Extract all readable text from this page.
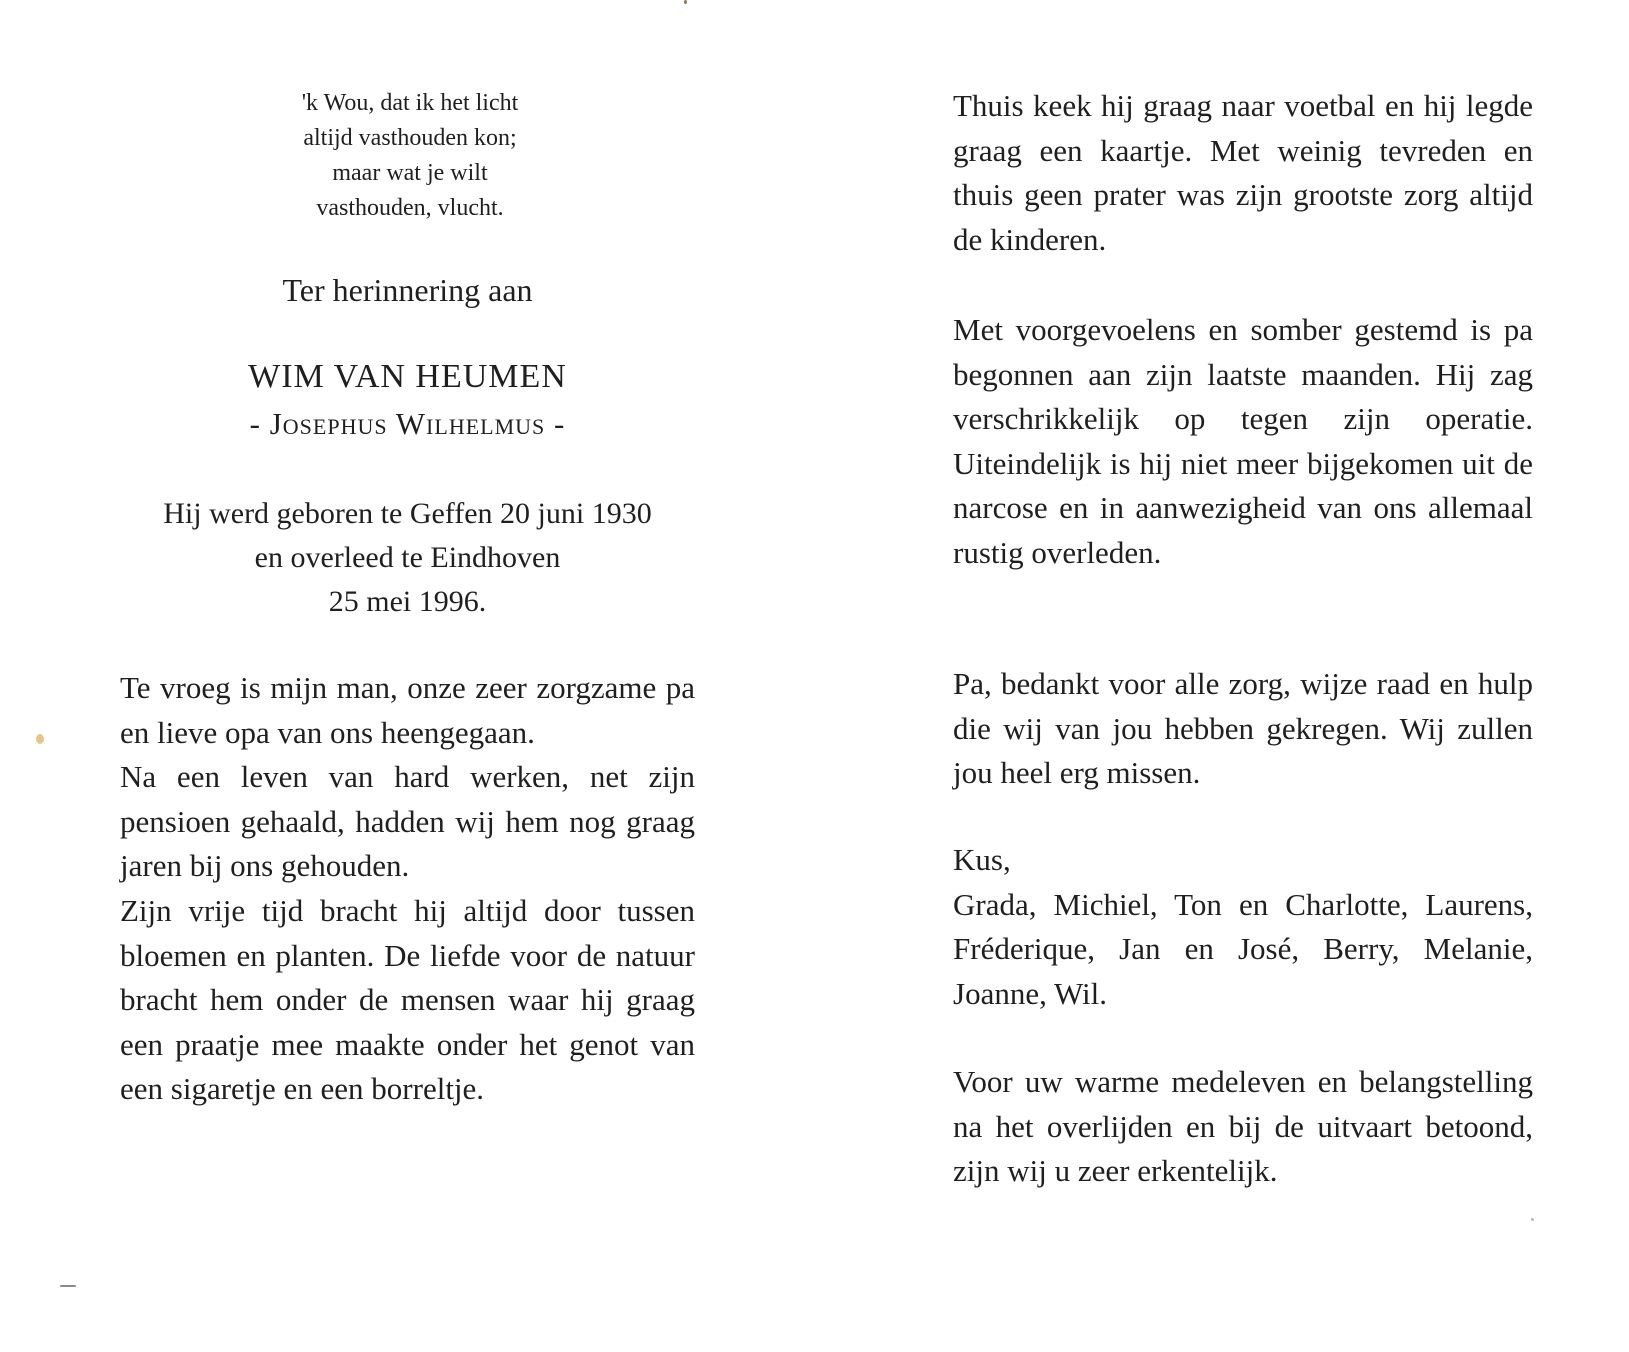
'k Wou, dat ik het licht
altijd vasthouden kon;
maar wat je wilt
vasthouden, vlucht.
Ter herinnering aan
WIM VAN HEUMEN
- Josephus Wilhelmus -
Hij werd geboren te Geffen 20 juni 1930
en overleed te Eindhoven
25 mei 1996.

Te vroeg is mijn man, onze zeer zorgzame pa en lieve opa van ons heengegaan.

Na een leven van hard werken, net zijn pensioen gehaald, hadden wij hem nog graag jaren bij ons gehouden.

Zijn vrije tijd bracht hij altijd door tussen bloemen en planten. De liefde voor de natuur bracht hem onder de mensen waar hij graag een praatje mee maakte onder het genot van een sigaretje en een borreltje.

Thuis keek hij graag naar voetbal en hij legde graag een kaartje. Met weinig tevreden en thuis geen prater was zijn grootste zorg altijd de kinderen.

Met voorgevoelens en somber gestemd is pa begonnen aan zijn laatste maanden. Hij zag verschrikkelijk op tegen zijn operatie. Uiteindelijk is hij niet meer bijgekomen uit de narcose en in aanwezigheid van ons allemaal rustig overleden.

Pa, bedankt voor alle zorg, wijze raad en hulp die wij van jou hebben gekregen. Wij zullen jou heel erg missen.

Kus,

Grada, Michiel, Ton en Charlotte, Laurens, Fréderique, Jan en José, Berry, Melanie, Joanne, Wil.

Voor uw warme medeleven en belangstelling na het overlijden en bij de uitvaart betoond, zijn wij u zeer erkentelijk.
